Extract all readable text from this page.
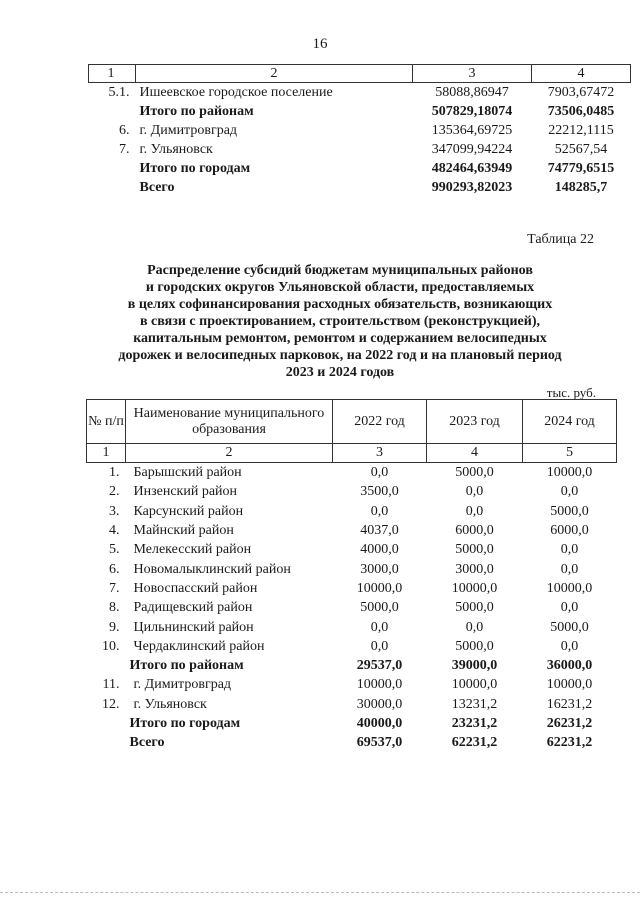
16
1	2	3	4
5.1.	Ишеевское городское поселение	58088,86947	7903,67472
	Итого по районам	507829,18074	73506,0485
6.	г. Димитровград	135364,69725	22212,1115
7.	г. Ульяновск	347099,94224	52567,54
	Итого по городам	482464,63949	74779,6515
	Всего	990293,82023	148285,7
Таблица 22
Распределение субсидий бюджетам муниципальных районов
и городских округов Ульяновской области, предоставляемых
в целях софинансирования расходных обязательств, возникающих
в связи с проектированием, строительством (реконструкцией),
капитальным ремонтом, ремонтом и содержанием велосипедных
дорожек и велосипедных парковок, на 2022 год и на плановый период
2023 и 2024 годов
тыс. руб.
№ п/п	Наименование муниципального образования	2022 год	2023 год	2024 год
1	2	3	4	5
1.	Барышский район	0,0	5000,0	10000,0
2.	Инзенский район	3500,0	0,0	0,0
3.	Карсунский район	0,0	0,0	5000,0
4.	Майнский район	4037,0	6000,0	6000,0
5.	Мелекесский район	4000,0	5000,0	0,0
6.	Новомалыклинский район	3000,0	3000,0	0,0
7.	Новоспасский район	10000,0	10000,0	10000,0
8.	Радищевский район	5000,0	5000,0	0,0
9.	Цильнинский район	0,0	0,0	5000,0
10.	Чердаклинский район	0,0	5000,0	0,0
	Итого по районам	29537,0	39000,0	36000,0
11.	г. Димитровград	10000,0	10000,0	10000,0
12.	г. Ульяновск	30000,0	13231,2	16231,2
	Итого по городам	40000,0	23231,2	26231,2
	Всего	69537,0	62231,2	62231,2
